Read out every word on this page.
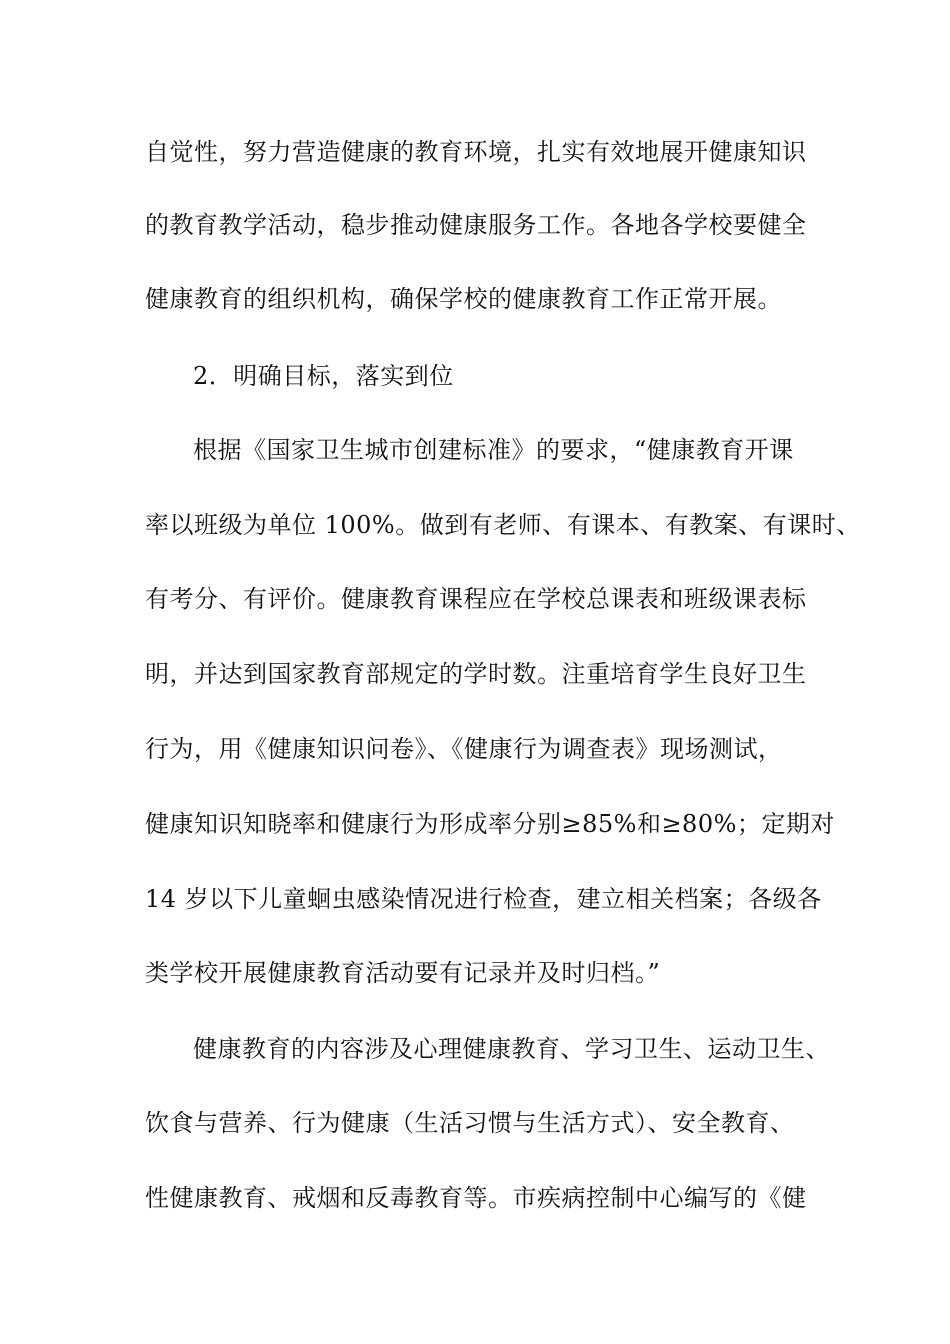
自觉性，努力营造健康的教育环境，扎实有效地展开健康知识
的教育教学活动，稳步推动健康服务工作。各地各学校要健全
健康教育的组织机构，确保学校的健康教育工作正常开展。
2．明确目标，落实到位
根据《国家卫生城市创建标准》的要求，“健康教育开课
率以班级为单位 100%。做到有老师、有课本、有教案、有课时、
有考分、有评价。健康教育课程应在学校总课表和班级课表标
明，并达到国家教育部规定的学时数。注重培育学生良好卫生
行为，用《健康知识问卷》、《健康行为调查表》现场测试，
健康知识知晓率和健康行为形成率分别≥85%和≥80%；定期对
14 岁以下儿童蛔虫感染情况进行检查，建立相关档案；各级各
类学校开展健康教育活动要有记录并及时归档。”
健康教育的内容涉及心理健康教育、学习卫生、运动卫生、
饮食与营养、行为健康（生活习惯与生活方式）、安全教育、
性健康教育、戒烟和反毒教育等。市疾病控制中心编写的《健
